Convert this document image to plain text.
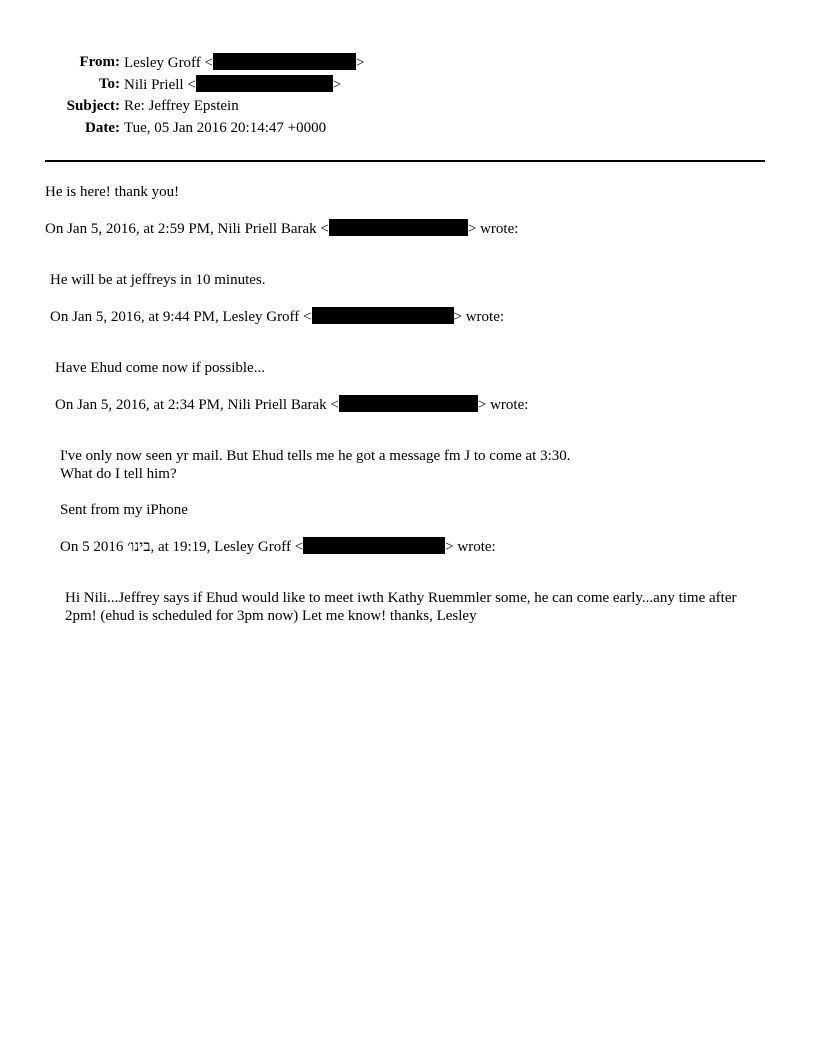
From: Lesley Groff <	>
To: Nili Priell <	>
Subject: Re: Jeffrey Epstein
Date: Tue, 05 Jan 2016 20:14:47 +0000
He is here! thank you!
On Jan 5, 2016, at 2:59 PM, Nili Priell Barak <	> wrote:
He will be at jeffreys in 10 minutes.
On Jan 5, 2016, at 9:44 PM, Lesley Groff <	> wrote:
Have Ehud come now if possible...
On Jan 5, 2016, at 2:34 PM, Nili Priell Barak <	> wrote:
I've only now seen yr mail. But Ehud tells me he got a message fm J to come at 3:30.
What do I tell him?
Sent from my iPhone
On 5 2016 בינו׳, at 19:19, Lesley Groff <	> wrote:
Hi Nili...Jeffrey says if Ehud would like to meet iwth Kathy Ruemmler some, he can come early...any time after 2pm! (ehud is scheduled for 3pm now) Let me know! thanks, Lesley
